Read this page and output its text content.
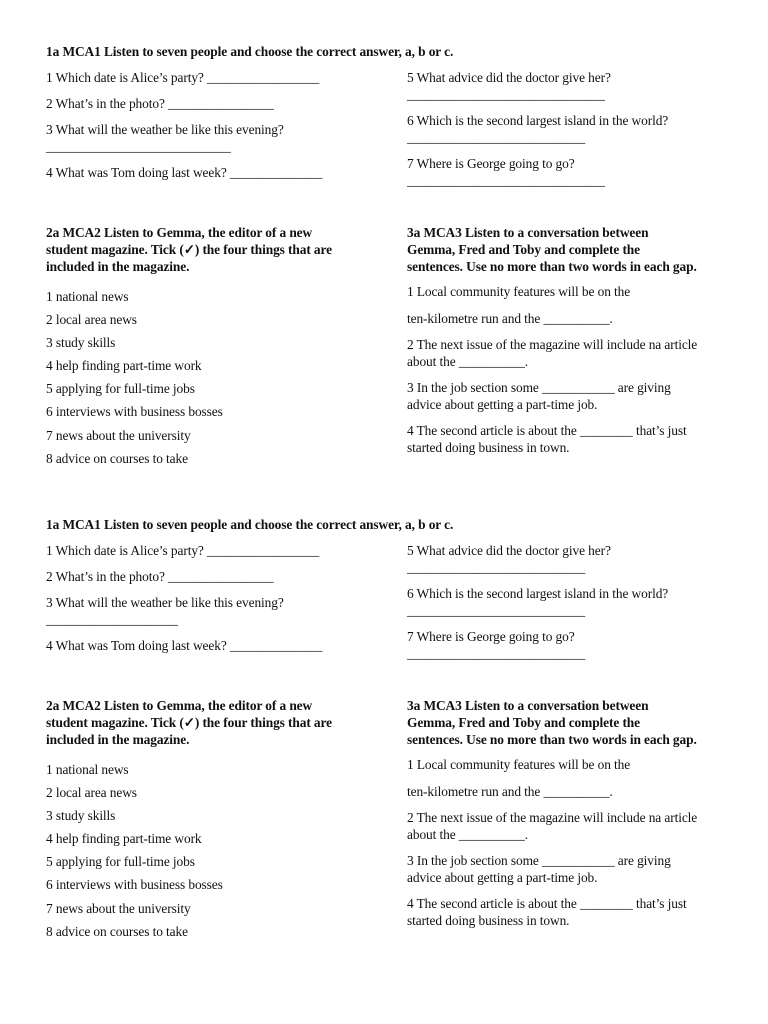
1a MCA1 Listen to seven people and choose the correct answer, a, b or c.
1 Which date is Alice’s party? _________________
2 What’s in the photo? ________________
3 What will the weather be like this evening?
____________________________
4 What was Tom doing last week? ______________
5 What advice did the doctor give her?
______________________________
6 Which is the second largest island in the world?
___________________________
7 Where is George going to go?
______________________________
2a MCA2 Listen to Gemma, the editor of a new
student magazine. Tick (✓) the four things that are
included in the magazine.
1 national news
2 local area news
3 study skills
4 help finding part-time work
5 applying for full-time jobs
6 interviews with business bosses
7 news about the university
8 advice on courses to take
3a MCA3 Listen to a conversation between
Gemma, Fred and Toby and complete the
sentences. Use no more than two words in each gap.
1 Local community features will be on the
ten-kilometre run and the __________.
2 The next issue of the magazine will include na article
about the __________.
3 In the job section some ___________ are giving
advice about getting a part-time job.
4 The second article is about the ________ that’s just
started doing business in town.
1a MCA1 Listen to seven people and choose the correct answer, a, b or c.
1 Which date is Alice’s party? _________________
2 What’s in the photo? ________________
3 What will the weather be like this evening?
____________________
4 What was Tom doing last week? ______________
5 What advice did the doctor give her?
___________________________
6 Which is the second largest island in the world?
___________________________
7 Where is George going to go?
___________________________
2a MCA2 Listen to Gemma, the editor of a new
student magazine. Tick (✓) the four things that are
included in the magazine.
1 national news
2 local area news
3 study skills
4 help finding part-time work
5 applying for full-time jobs
6 interviews with business bosses
7 news about the university
8 advice on courses to take
3a MCA3 Listen to a conversation between
Gemma, Fred and Toby and complete the
sentences. Use no more than two words in each gap.
1 Local community features will be on the
ten-kilometre run and the __________.
2 The next issue of the magazine will include na article
about the __________.
3 In the job section some ___________ are giving
advice about getting a part-time job.
4 The second article is about the ________ that’s just
started doing business in town.
